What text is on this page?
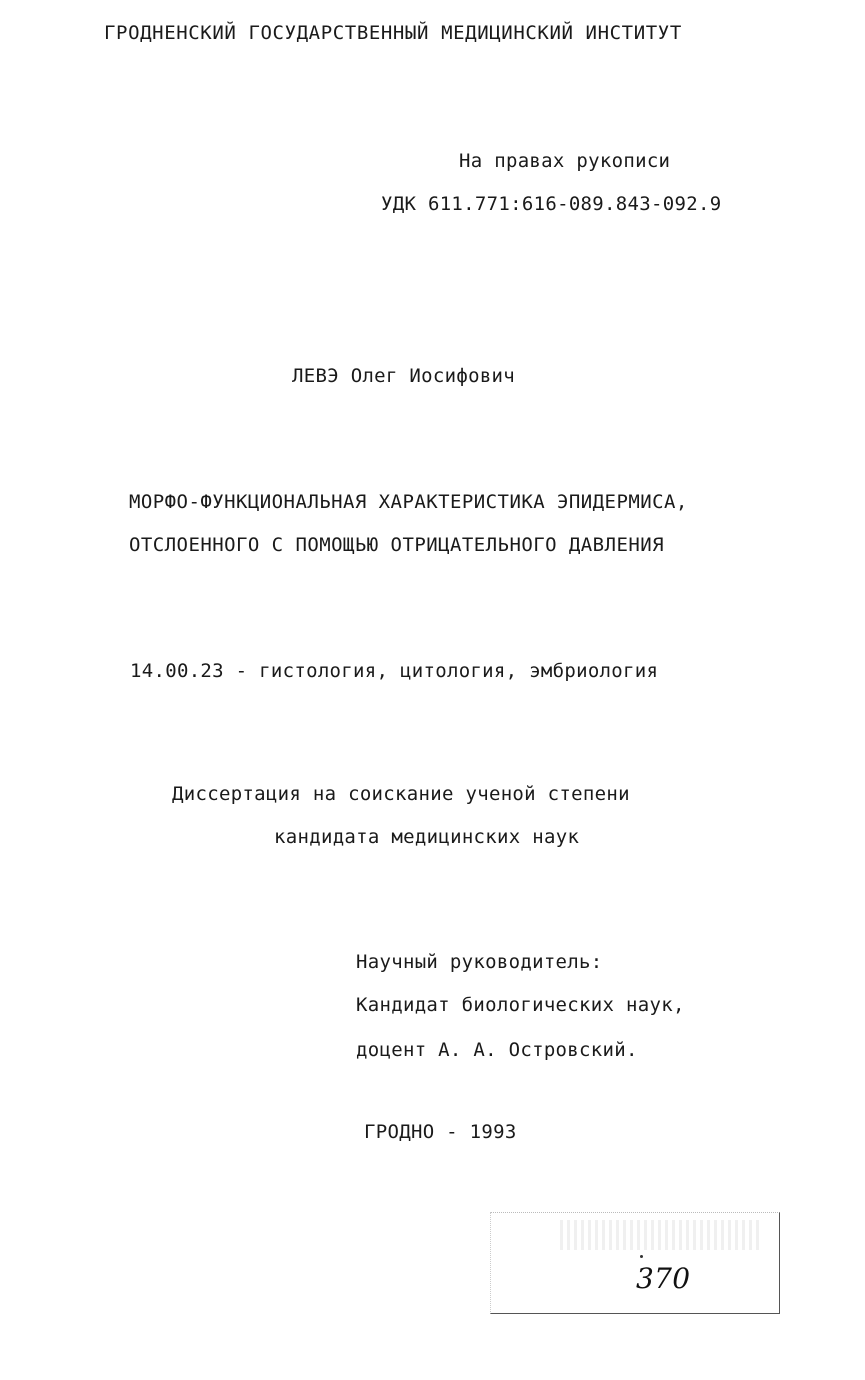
ГРОДНЕНСКИЙ ГОСУДАРСТВЕННЫЙ МЕДИЦИНСКИЙ ИНСТИТУТ
На правах рукописи
УДК 611.771:616-089.843-092.9
ЛЕВЭ Олег Иосифович
МОРФО-ФУНКЦИОНАЛЬНАЯ ХАРАКТЕРИСТИКА ЭПИДЕРМИСА,
ОТСЛОЕННОГО С ПОМОЩЬЮ ОТРИЦАТЕЛЬНОГО ДАВЛЕНИЯ
14.00.23 - гистология, цитология, эмбриология
Диссертация на соискание ученой степени
кандидата медицинских наук
Научный руководитель:
Кандидат биологических наук,
доцент А. А. Островский.
ГРОДНО - 1993
370
